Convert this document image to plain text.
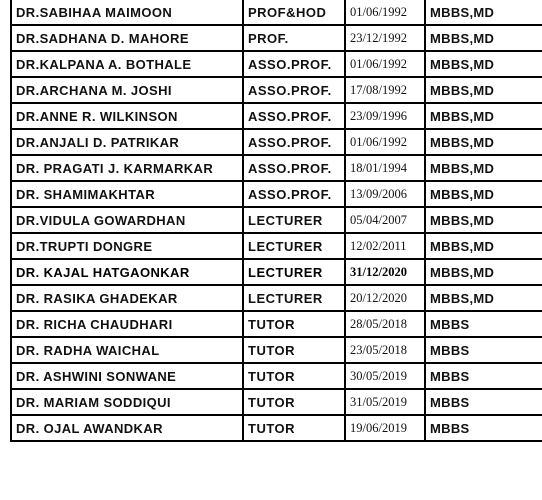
DR.SABIHAA MAIMOON	PROF&HOD	01/06/1992	MBBS,MD
DR.SADHANA D. MAHORE	PROF.	23/12/1992	MBBS,MD
DR.KALPANA A. BOTHALE	ASSO.PROF.	01/06/1992	MBBS,MD
DR.ARCHANA M. JOSHI	ASSO.PROF.	17/08/1992	MBBS,MD
DR.ANNE R. WILKINSON	ASSO.PROF.	23/09/1996	MBBS,MD
DR.ANJALI D. PATRIKAR	ASSO.PROF.	01/06/1992	MBBS,MD
DR. PRAGATI J. KARMARKAR	ASSO.PROF.	18/01/1994	MBBS,MD
DR. SHAMIMAKHTAR	ASSO.PROF.	13/09/2006	MBBS,MD
DR.VIDULA GOWARDHAN	LECTURER	05/04/2007	MBBS,MD
DR.TRUPTI DONGRE	LECTURER	12/02/2011	MBBS,MD
DR. KAJAL HATGAONKAR	LECTURER	31/12/2020	MBBS,MD
DR. RASIKA GHADEKAR	LECTURER	20/12/2020	MBBS,MD
DR. RICHA CHAUDHARI	TUTOR	28/05/2018	MBBS
DR. RADHA WAICHAL	TUTOR	23/05/2018	MBBS
DR. ASHWINI SONWANE	TUTOR	30/05/2019	MBBS
DR. MARIAM SODDIQUI	TUTOR	31/05/2019	MBBS
DR. OJAL AWANDKAR	TUTOR	19/06/2019	MBBS
